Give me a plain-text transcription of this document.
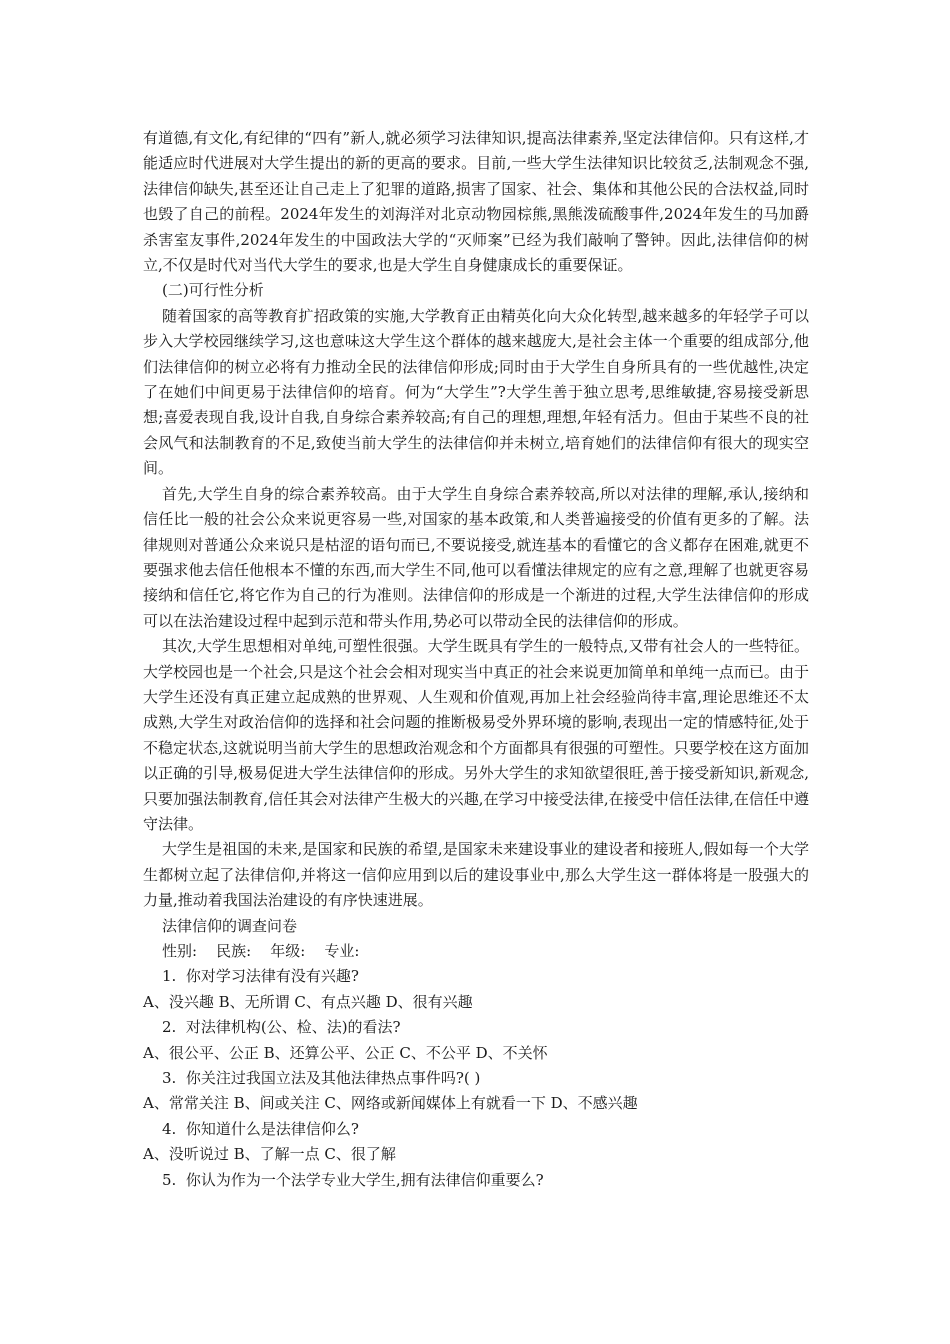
有道德,有文化,有纪律的“四有”新人,就必须学习法律知识,提高法律素养,坚定法律信仰。只有这样,才能适应时代进展对大学生提出的新的更高的要求。目前,一些大学生法律知识比较贫乏,法制观念不强,法律信仰缺失,甚至还让自己走上了犯罪的道路,损害了国家、社会、集体和其他公民的合法权益,同时也毁了自己的前程。2024年发生的刘海洋对北京动物园棕熊,黑熊泼硫酸事件,2024年发生的马加爵杀害室友事件,2024年发生的中国政法大学的“灭师案”已经为我们敲响了警钟。因此,法律信仰的树立,不仅是时代对当代大学生的要求,也是大学生自身健康成长的重要保证。

(二)可行性分析

随着国家的高等教育扩招政策的实施,大学教育正由精英化向大众化转型,越来越多的年轻学子可以步入大学校园继续学习,这也意味这大学生这个群体的越来越庞大,是社会主体一个重要的组成部分,他们法律信仰的树立必将有力推动全民的法律信仰形成;同时由于大学生自身所具有的一些优越性,决定了在她们中间更易于法律信仰的培育。何为“大学生”?大学生善于独立思考,思维敏捷,容易接受新思想;喜爱表现自我,设计自我,自身综合素养较高;有自己的理想,理想,年轻有活力。但由于某些不良的社会风气和法制教育的不足,致使当前大学生的法律信仰并未树立,培育她们的法律信仰有很大的现实空间。

首先,大学生自身的综合素养较高。由于大学生自身综合素养较高,所以对法律的理解,承认,接纳和信任比一般的社会公众来说更容易一些,对国家的基本政策,和人类普遍接受的价值有更多的了解。法律规则对普通公众来说只是枯涩的语句而已,不要说接受,就连基本的看懂它的含义都存在困难,就更不要强求他去信任他根本不懂的东西,而大学生不同,他可以看懂法律规定的应有之意,理解了也就更容易接纳和信任它,将它作为自己的行为准则。法律信仰的形成是一个渐进的过程,大学生法律信仰的形成可以在法治建设过程中起到示范和带头作用,势必可以带动全民的法律信仰的形成。

其次,大学生思想相对单纯,可塑性很强。大学生既具有学生的一般特点,又带有社会人的一些特征。大学校园也是一个社会,只是这个社会会相对现实当中真正的社会来说更加简单和单纯一点而已。由于大学生还没有真正建立起成熟的世界观、人生观和价值观,再加上社会经验尚待丰富,理论思维还不太成熟,大学生对政治信仰的选择和社会问题的推断极易受外界环境的影响,表现出一定的情感特征,处于不稳定状态,这就说明当前大学生的思想政治观念和个方面都具有很强的可塑性。只要学校在这方面加以正确的引导,极易促进大学生法律信仰的形成。另外大学生的求知欲望很旺,善于接受新知识,新观念,只要加强法制教育,信任其会对法律产生极大的兴趣,在学习中接受法律,在接受中信任法律,在信任中遵守法律。

大学生是祖国的未来,是国家和民族的希望,是国家未来建设事业的建设者和接班人,假如每一个大学生都树立起了法律信仰,并将这一信仰应用到以后的建设事业中,那么大学生这一群体将是一股强大的力量,推动着我国法治建设的有序快速进展。

法律信仰的调查问卷

性别:    民族:    年级:    专业:

1.  你对学习法律有没有兴趣?

A、没兴趣 B、无所谓 C、有点兴趣 D、很有兴趣

2.  对法律机构(公、检、法)的看法?

A、很公平、公正 B、还算公平、公正 C、不公平 D、不关怀

3.  你关注过我国立法及其他法律热点事件吗?( )

A、常常关注 B、间或关注 C、网络或新闻媒体上有就看一下 D、不感兴趣

4.  你知道什么是法律信仰么?

A、没听说过 B、了解一点 C、很了解

5.  你认为作为一个法学专业大学生,拥有法律信仰重要么?
